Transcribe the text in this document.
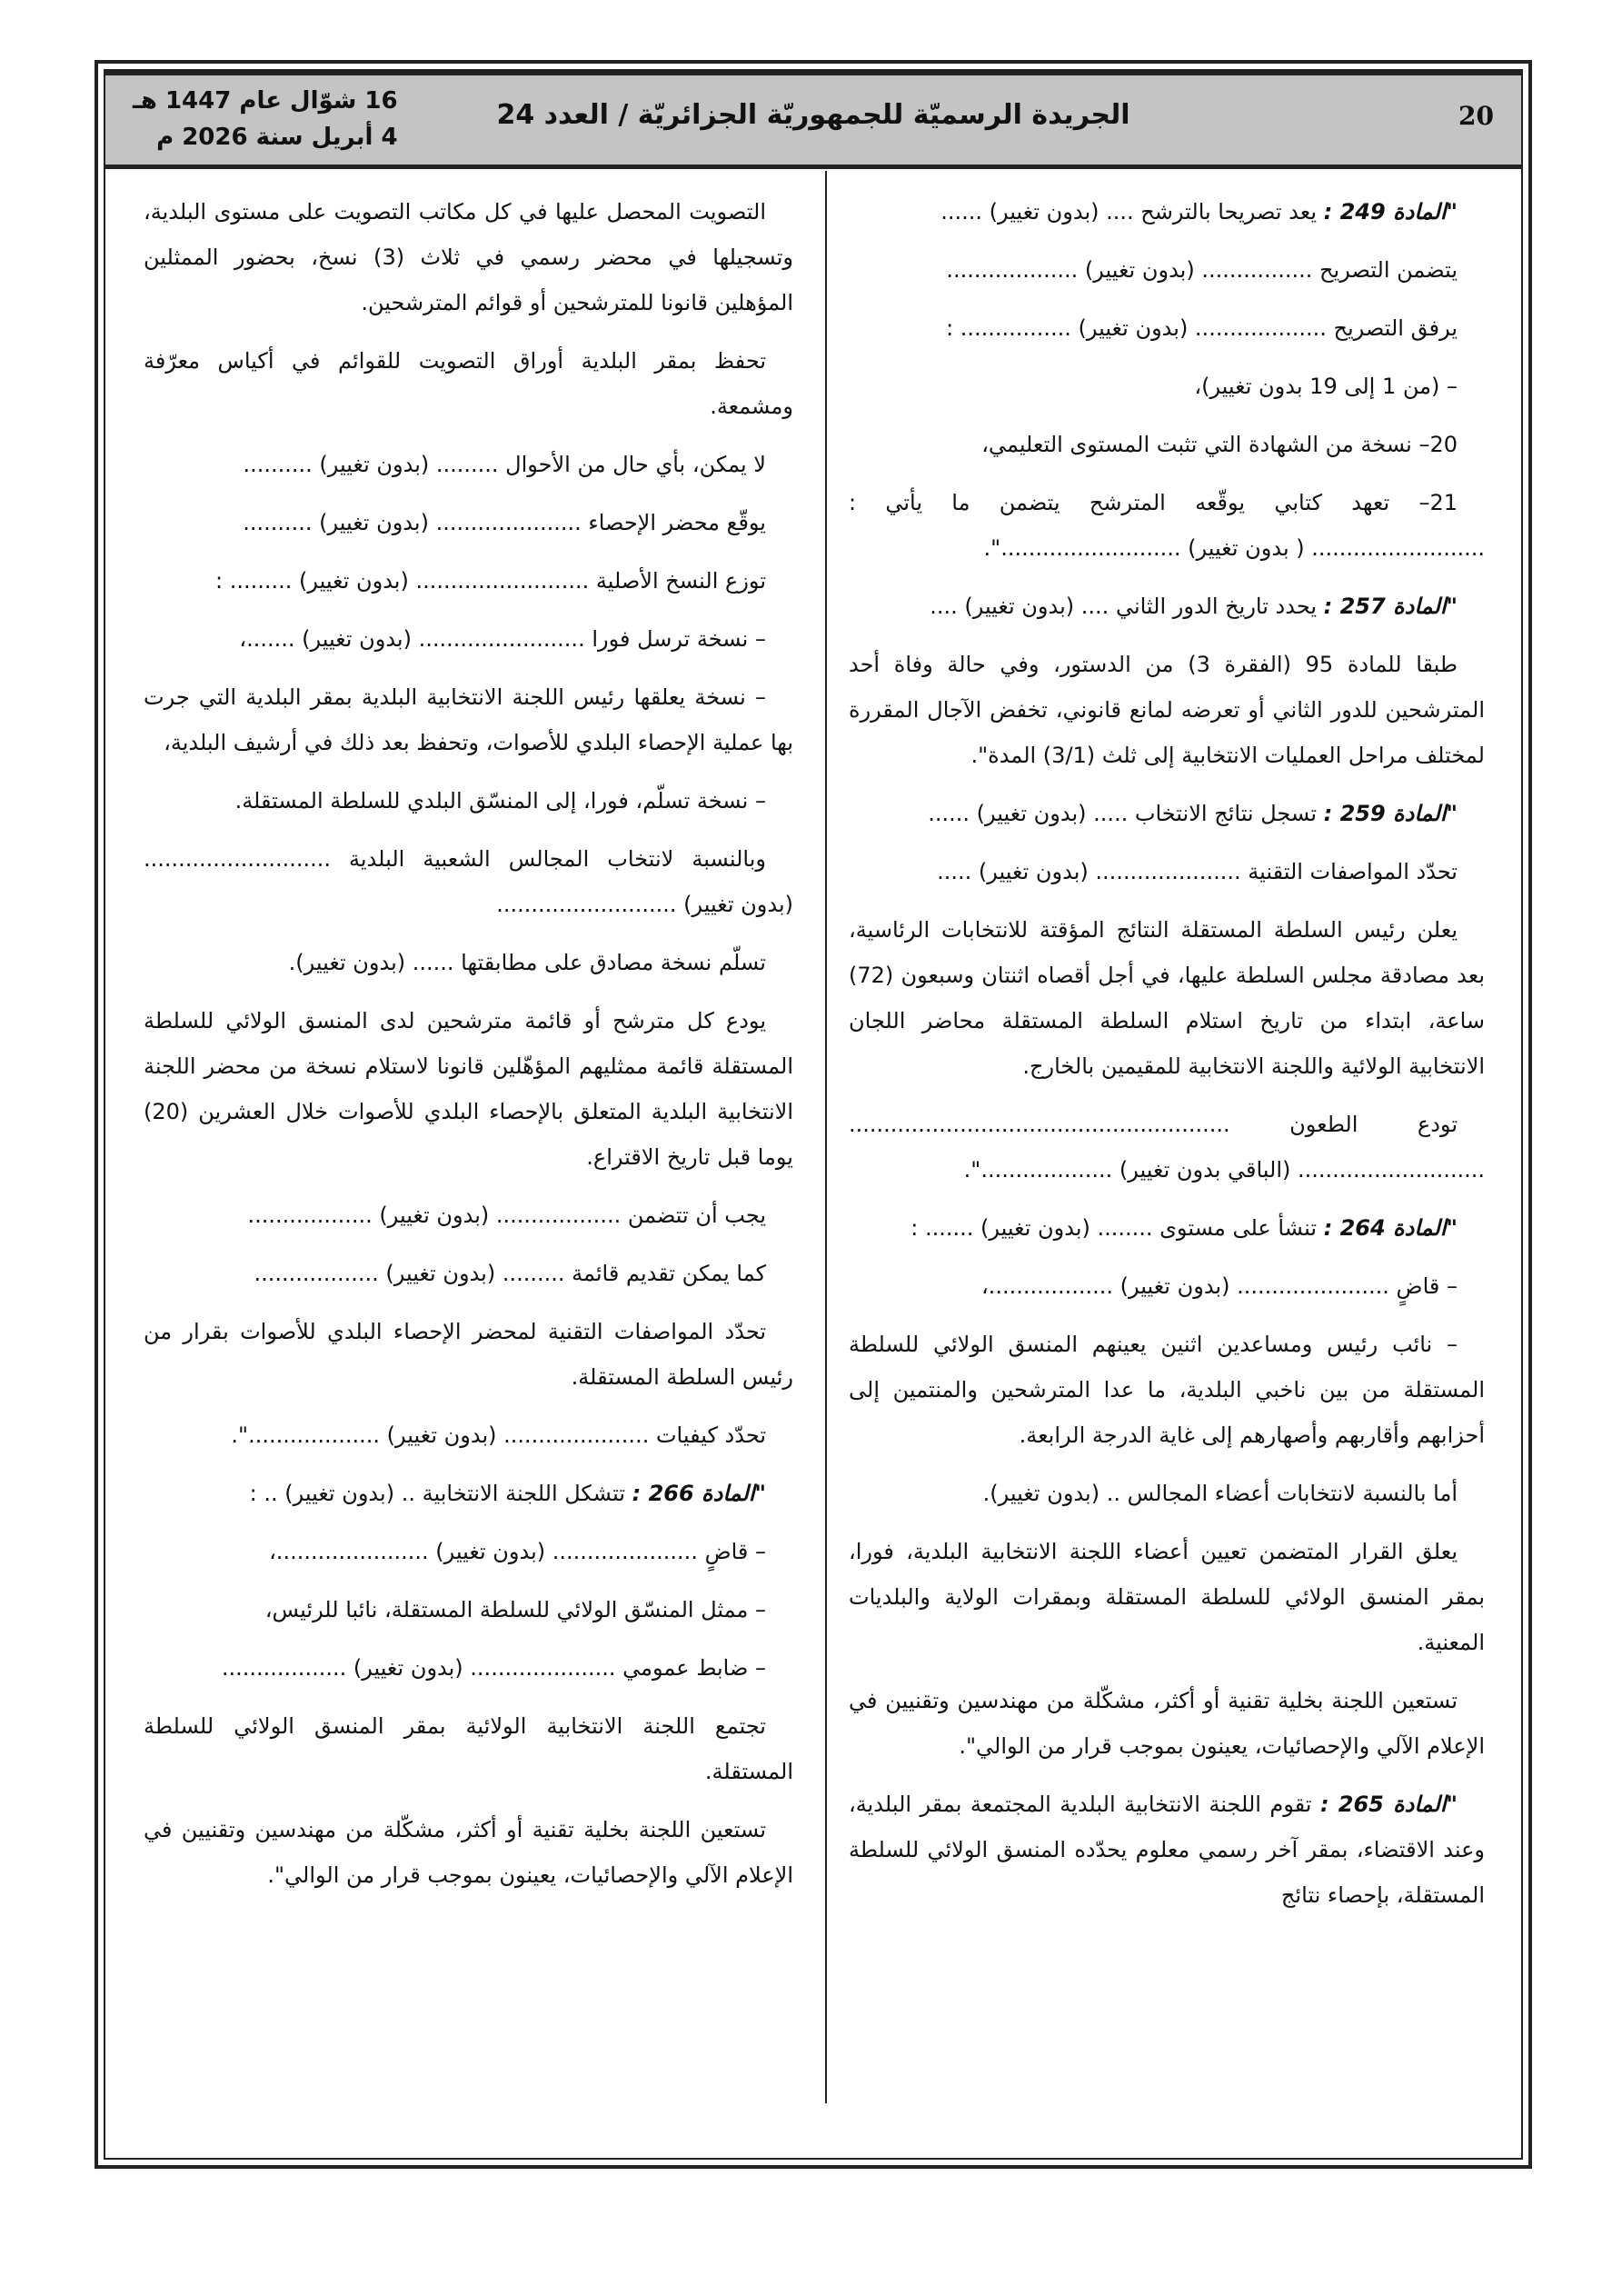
20
الجريدة الرسميّة للجمهوريّة الجزائريّة / العدد 24
16 شوّال عام 1447 هـ
4 أبريل سنة 2026 م

"المادة 249 : يعد تصريحا بالترشح .... (بدون تغيير) ......

يتضمن التصريح ................ (بدون تغيير) ...................

يرفق التصريح ................... (بدون تغيير) ................ :

– (من 1 إلى 19 بدون تغيير)،

20– نسخة من الشهادة التي تثبت المستوى التعليمي،

21– تعهد كتابي يوقّعه المترشح يتضمن ما يأتي : ......................... ( بدون تغيير) ..........................".

"المادة 257 : يحدد تاريخ الدور الثاني .... (بدون تغيير) ....

طبقا للمادة 95 (الفقرة 3) من الدستور، وفي حالة وفاة أحد المترشحين للدور الثاني أو تعرضه لمانع قانوني، تخفض الآجال المقررة لمختلف مراحل العمليات الانتخابية إلى ثلث (3/1) المدة".

"المادة 259 : تسجل نتائج الانتخاب ..... (بدون تغيير) ......

تحدّد المواصفات التقنية ..................... (بدون تغيير) .....

يعلن رئيس السلطة المستقلة النتائج المؤقتة للانتخابات الرئاسية، بعد مصادقة مجلس السلطة عليها، في أجل أقصاه اثنتان وسبعون (72) ساعة، ابتداء من تاريخ استلام السلطة المستقلة محاضر اللجان الانتخابية الولائية واللجنة الانتخابية للمقيمين بالخارج.

تودع الطعون ....................................................... ........................... (الباقي بدون تغيير) ...................".

"المادة 264 : تنشأ على مستوى ........ (بدون تغيير) ....... :

– قاضٍ ...................... (بدون تغيير) ..................،

– نائب رئيس ومساعدين اثنين يعينهم المنسق الولائي للسلطة المستقلة من بين ناخبي البلدية، ما عدا المترشحين والمنتمين إلى أحزابهم وأقاربهم وأصهارهم إلى غاية الدرجة الرابعة.

أما بالنسبة لانتخابات أعضاء المجالس .. (بدون تغيير).

يعلق القرار المتضمن تعيين أعضاء اللجنة الانتخابية البلدية، فورا، بمقر المنسق الولائي للسلطة المستقلة وبمقرات الولاية والبلديات المعنية.

تستعين اللجنة بخلية تقنية أو أكثر، مشكّلة من مهندسين وتقنيين في الإعلام الآلي والإحصائيات، يعينون بموجب قرار من الوالي".

"المادة 265 : تقوم اللجنة الانتخابية البلدية المجتمعة بمقر البلدية، وعند الاقتضاء، بمقر آخر رسمي معلوم يحدّده المنسق الولائي للسلطة المستقلة، بإحصاء نتائج

التصويت المحصل عليها في كل مكاتب التصويت على مستوى البلدية، وتسجيلها في محضر رسمي في ثلاث (3) نسخ، بحضور الممثلين المؤهلين قانونا للمترشحين أو قوائم المترشحين.

تحفظ بمقر البلدية أوراق التصويت للقوائم في أكياس معرّفة ومشمعة.

لا يمكن، بأي حال من الأحوال ......... (بدون تغيير) ..........

يوقّع محضر الإحصاء ..................... (بدون تغيير) ..........

توزع النسخ الأصلية ......................... (بدون تغيير) ......... :

– نسخة ترسل فورا ........................ (بدون تغيير) .......،

– نسخة يعلقها رئيس اللجنة الانتخابية البلدية بمقر البلدية التي جرت بها عملية الإحصاء البلدي للأصوات، وتحفظ بعد ذلك في أرشيف البلدية،

– نسخة تسلّم، فورا، إلى المنسّق البلدي للسلطة المستقلة.

وبالنسبة لانتخاب المجالس الشعبية البلدية ........................... (بدون تغيير) ..........................

تسلّم نسخة مصادق على مطابقتها ...... (بدون تغيير).

يودع كل مترشح أو قائمة مترشحين لدى المنسق الولائي للسلطة المستقلة قائمة ممثليهم المؤهّلين قانونا لاستلام نسخة من محضر اللجنة الانتخابية البلدية المتعلق بالإحصاء البلدي للأصوات خلال العشرين (20) يوما قبل تاريخ الاقتراع.

يجب أن تتضمن .................. (بدون تغيير) ..................

كما يمكن تقديم قائمة ......... (بدون تغيير) ..................

تحدّد المواصفات التقنية لمحضر الإحصاء البلدي للأصوات بقرار من رئيس السلطة المستقلة.

تحدّد كيفيات ..................... (بدون تغيير) ...................".

"المادة 266 : تتشكل اللجنة الانتخابية .. (بدون تغيير) .. :

– قاضٍ ..................... (بدون تغيير) ......................،

– ممثل المنسّق الولائي للسلطة المستقلة، نائبا للرئيس،

– ضابط عمومي ..................... (بدون تغيير) ..................

تجتمع اللجنة الانتخابية الولائية بمقر المنسق الولائي للسلطة المستقلة.

تستعين اللجنة بخلية تقنية أو أكثر، مشكّلة من مهندسين وتقنيين في الإعلام الآلي والإحصائيات، يعينون بموجب قرار من الوالي".
